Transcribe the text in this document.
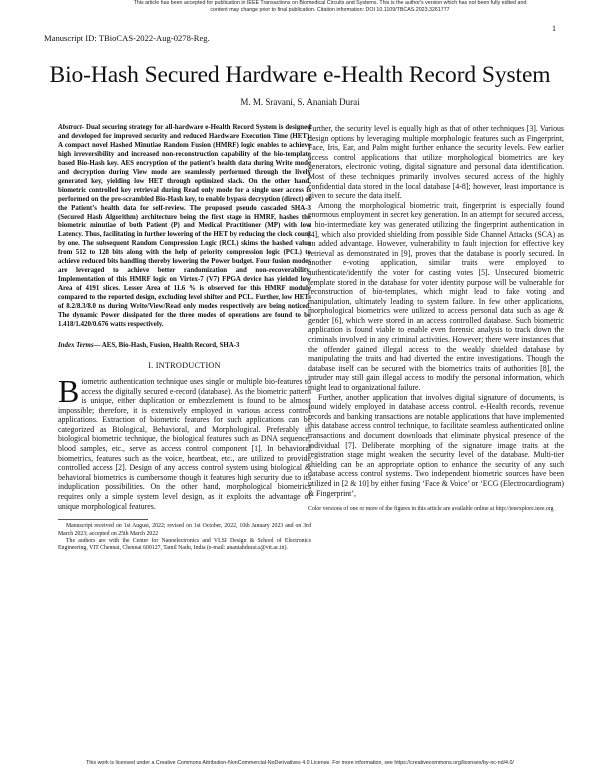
This article has been accepted for publication in IEEE Transactions on Biomedical Circuits and Systems. This is the author's version which has not been fully edited and
content may change prior to final publication. Citation information: DOI 10.1109/TBCAS.2023.3261777
1
Manuscript ID: TBioCAS-2022-Aug-0278-Reg.
Bio-Hash Secured Hardware e-Health Record System
M. M. Sravani, S. Ananiah Durai

Abstract- Dual securing strategy for all-hardware e-Health Record System is designed and developed for improved security and reduced Hardware Execution Time (HET). A compact novel Hashed Minutiae Random Fusion (HMRF) logic enables to achieve high irreversibility and increased non-reconstruction capability of the bio-template based Bio-Hash key. AES encryption of the patient’s health data during Write mode and decryption during View mode are seamlessly performed through the lively generated key, yielding low HET through optimized slack. On the other hand, biometric controlled key retrieval during Read only mode for a single user access is performed on the pre-scrambled Bio-Hash key, to enable bypass decryption (direct) of the Patient’s health data for self-review. The proposed pseudo cascaded SHA-3 (Secured Hash Algorithm) architecture being the first stage in HMRF, hashes the biometric minutiae of both Patient (P) and Medical Practitioner (MP) with low Latency. Thus, facilitating in further lowering of the HET by reducing the clock count by one. The subsequent Random Compression Logic (RCL) skims the hashed value from 512 to 128 bits along with the help of priority compression logic (PCL) to achieve reduced bits handling thereby lowering the Power budget. Four fusion modes are leveraged to achieve better randomization and non-recoverability. Implementation of this HMRF logic on Virtex-7 (V7) FPGA device has yielded low Area of 4191 slices. Lesser Area of 11.6 % is observed for this HMRF module compared to the reported design, excluding level shifter and PCL. Further, low HETs of 8.2/8.3/8.0 ns during Write/View/Read only modes respectively are being noticed. The dynamic Power dissipated for the three modes of operations are found to be 1.418/1.420/0.676 watts respectively.

Index Terms— AES, Bio-Hash, Fusion, Health Record, SHA-3

I. INTRODUCTION

Biometric authentication technique uses single or multiple bio-features to access the digitally secured e-record (database). As the biometric pattern is unique, either duplication or embezzlement is found to be almost impossible; therefore, it is extensively employed in various access control applications. Extraction of biometric features for such applications can be categorized as Biological, Behavioral, and Morphological. Preferably in biological biometric technique, the biological features such as DNA sequence, blood samples, etc., serve as access control component [1]. In behavioral biometrics, features such as the voice, heartbeat, etc., are utilized to provide controlled access [2]. Design of any access control system using biological & behavioral biometrics is cumbersome though it features high security due to its induplication possibilities. On the other hand, morphological biometrics requires only a simple system level design, as it exploits the advantage of unique morphological features.

Manuscript received on 1st August, 2022; revised on 1st October, 2022, 10th January 2023 and on 3rd March 2023; accepted on 25th March 2022

The authors are with the Center for Nanoelectronics and VLSI Design & School of Electronics Engineering, VIT Chennai, Chennai 600127, Tamil Nadu, India (e-mail: ananiahdurai.s@vit.ac.in).

Further, the security level is equally high as that of other techniques [3]. Various design options by leveraging multiple morphologic features such as Fingerprint, Face, Iris, Ear, and Palm might further enhance the security levels. Few earlier access control applications that utilize morphological biometrics are key generators, electronic voting, digital signature and personal data identification. Most of these techniques primarily involves secured access of the highly confidential data stored in the local database [4-8]; however, least importance is given to secure the data itself.

Among the morphological biometric trait, fingerprint is especially found enormous employment in secret key generation. In an attempt for secured access, a bio-intermediate key was generated utilizing the fingerprint authentication in [4], which also provided shielding from possible Side Channel Attacks (SCA) as an added advantage. However, vulnerability to fault injection for effective key retrieval as demonstrated in [9], proves that the database is poorly secured. In another e-voting application, similar traits were employed to authenticate/identify the voter for casting votes [5]. Unsecured biometric template stored in the database for voter identity purpose will be vulnerable for reconstruction of bio-templates, which might lead to fake voting and manipulation, ultimately leading to system failure. In few other applications, morphological biometrics were utilized to access personal data such as age & gender [6], which were stored in an access controlled database. Such biometric application is found viable to enable even forensic analysis to track down the criminals involved in any criminal activities. However; there were instances that the offender gained illegal access to the weakly shielded database by manipulating the traits and had diverted the entire investigations. Though the database itself can be secured with the biometrics traits of authorities [8], the intruder may still gain illegal access to modify the personal information, which might lead to organizational failure.

Further, another application that involves digital signature of documents, is found widely employed in database access control. e-Health records, revenue records and banking transactions are notable applications that have implemented this database access control technique, to facilitate seamless authenticated online transactions and document downloads that eliminate physical presence of the individual [7]. Deliberate morphing of the signature image traits at the registration stage might weaken the security level of the database. Multi-tier shielding can be an appropriate option to enhance the security of any such database access control systems. Two independent biometric sources have been utilized in [2 & 10] by either fusing ‘Face & Voice’ or ‘ECG (Electrocardiogram) & Fingerprint’,

Color versions of one or more of the figures in this article are available online at http://ieeexplore.ieee.org

This work is licensed under a Creative Commons Attribution-NonCommercial-NoDerivatives 4.0 License. For more information, see https://creativecommons.org/licenses/by-nc-nd/4.0/
